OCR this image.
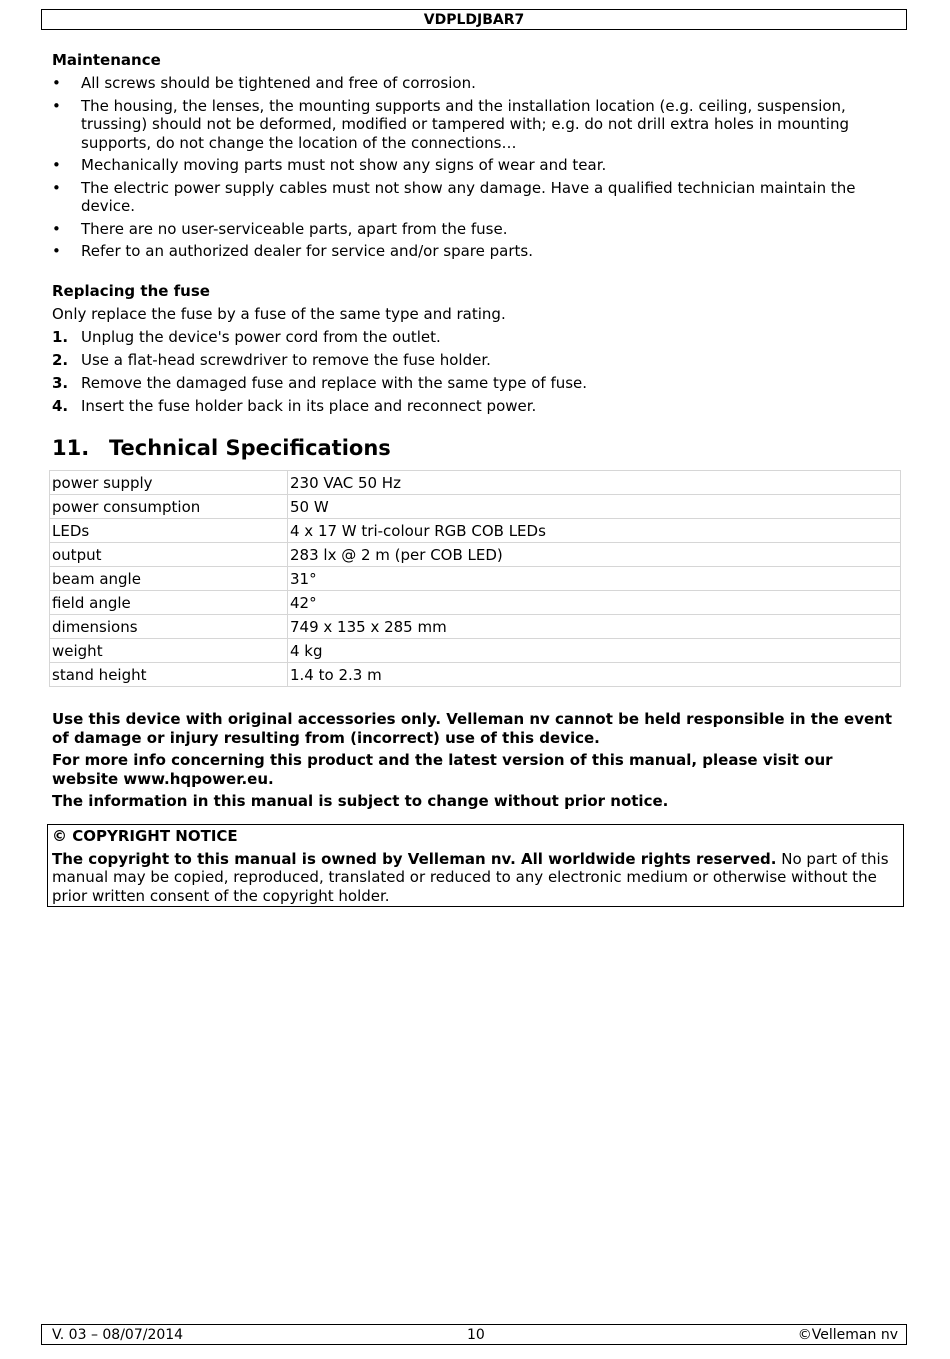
VDPLDJBAR7
Maintenance
• All screws should be tightened and free of corrosion.
• The housing, the lenses, the mounting supports and the installation location (e.g. ceiling, suspension, trussing) should not be deformed, modified or tampered with; e.g. do not drill extra holes in mounting supports, do not change the location of the connections…
• Mechanically moving parts must not show any signs of wear and tear.
• The electric power supply cables must not show any damage. Have a qualified technician maintain the device.
• There are no user-serviceable parts, apart from the fuse.
• Refer to an authorized dealer for service and/or spare parts.
Replacing the fuse
Only replace the fuse by a fuse of the same type and rating.
1. Unplug the device's power cord from the outlet.
2. Use a flat-head screwdriver to remove the fuse holder.
3. Remove the damaged fuse and replace with the same type of fuse.
4. Insert the fuse holder back in its place and reconnect power.
11. Technical Specifications
Use this device with original accessories only. Velleman nv cannot be held responsible in the event of damage or injury resulting from (incorrect) use of this device.
For more info concerning this product and the latest version of this manual, please visit our website www.hqpower.eu.
The information in this manual is subject to change without prior notice.
power supply	230 VAC 50 Hz
power consumption	50 W
LEDs	4 x 17 W tri-colour RGB COB LEDs
output	283 lx @ 2 m (per COB LED)
beam angle	31°
field angle	42°
dimensions	749 x 135 x 285 mm
weight	4 kg
stand height	1.4 to 2.3 m
© COPYRIGHT NOTICE
The copyright to this manual is owned by Velleman nv. All worldwide rights reserved. No part of this manual may be copied, reproduced, translated or reduced to any electronic medium or otherwise without the prior written consent of the copyright holder.
V. 03 – 08/07/2014	10	©Velleman nv
